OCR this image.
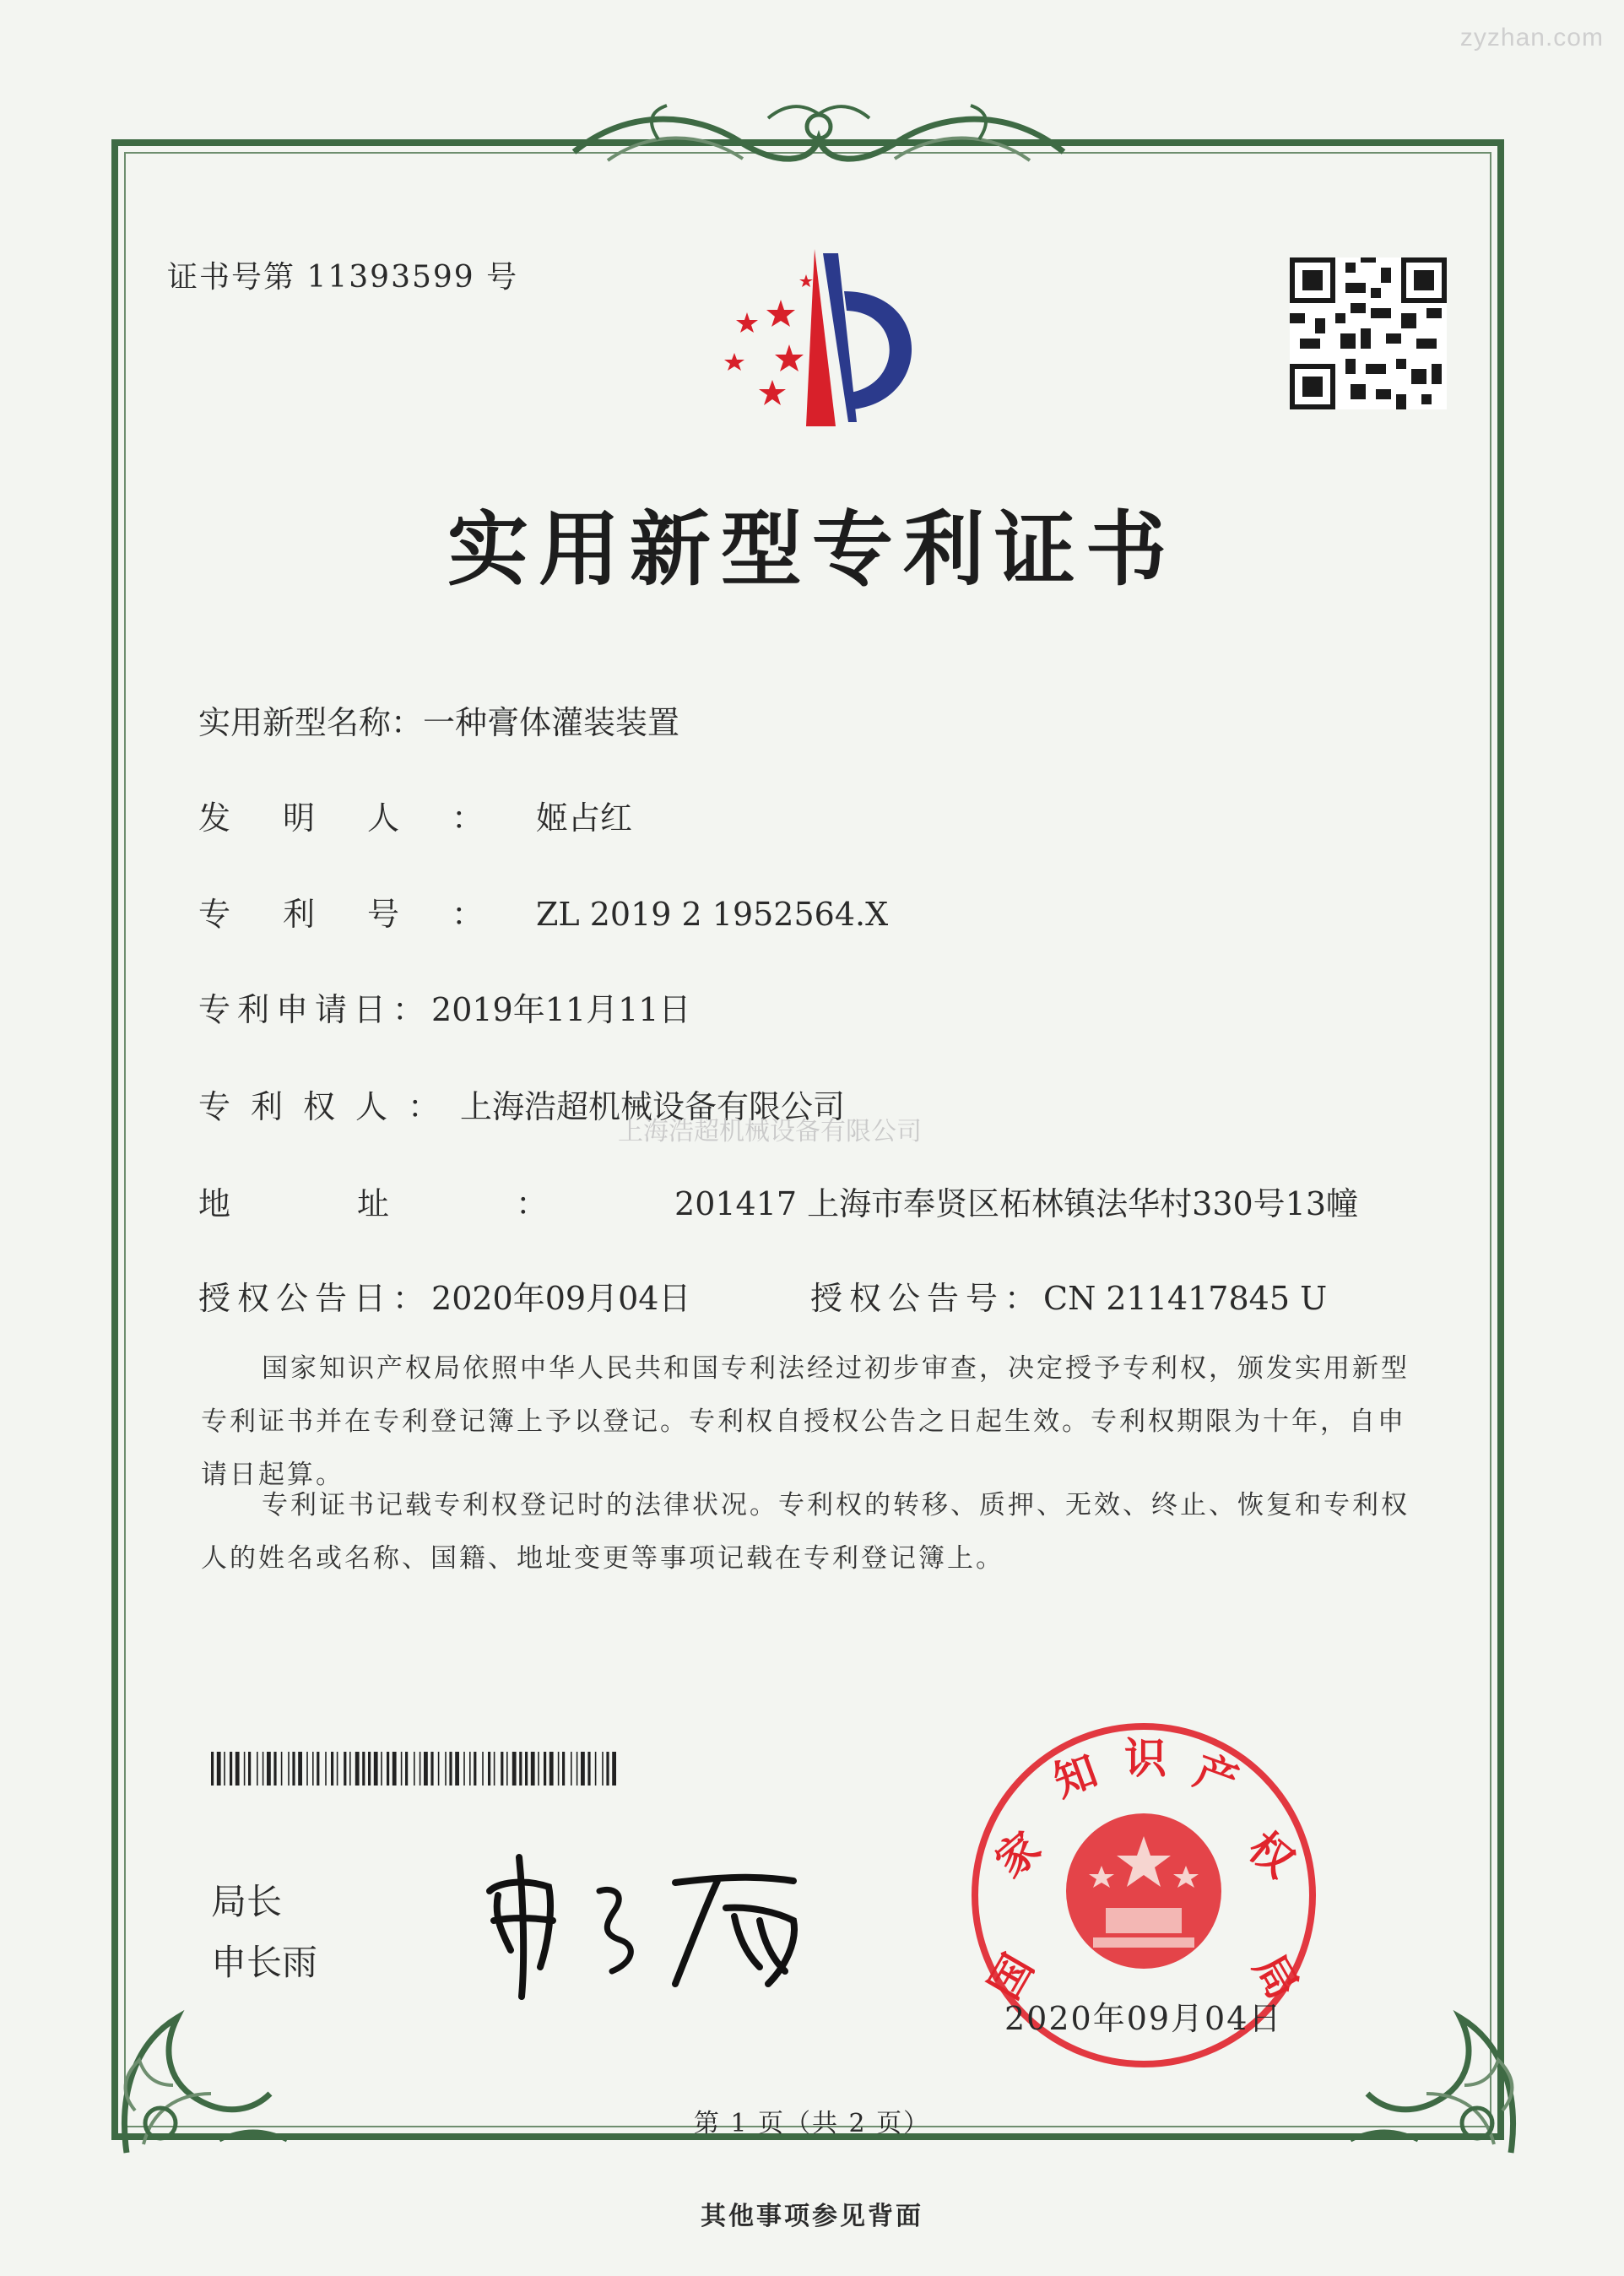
zyzhan.com
证书号第 11393599 号
实用新型专利证书
实用新型名称：一种膏体灌装装置
发明人：姬占红
专利号：ZL 2019 2 1952564.X
专利申请日：2019年11月11日
专利权人：上海浩超机械设备有限公司
上海浩超机械设备有限公司
地址：201417 上海市奉贤区柘林镇法华村330号13幢
授权公告日：2020年09月04日	授权公告号：CN 211417845 U
国家知识产权局依照中华人民共和国专利法经过初步审查，决定授予专利权，颁发实用新型专利证书并在专利登记簿上予以登记。专利权自授权公告之日起生效。专利权期限为十年，自申请日起算。
专利证书记载专利权登记时的法律状况。专利权的转移、质押、无效、终止、恢复和专利权人的姓名或名称、国籍、地址变更等事项记载在专利登记簿上。
局长
申长雨	国
家
知 识 产
权
局
2020年09月04日
第 1 页（共 2 页）
其他事项参见背面
